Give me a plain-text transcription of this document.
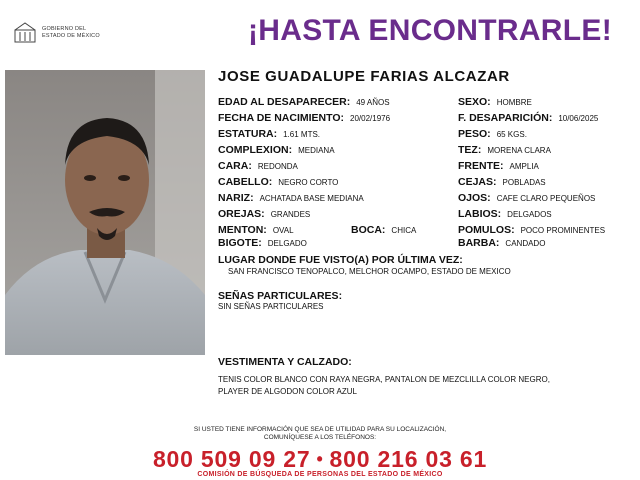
GOBIERNO DEL
ESTADO DE MÉXICO	¡HASTA ENCONTRARLE!
JOSE GUADALUPE FARIAS ALCAZAR
EDAD AL DESAPARECER: 49 AÑOS
FECHA DE NACIMIENTO: 20/02/1976
ESTATURA: 1.61 MTS.
COMPLEXION: MEDIANA
CARA: REDONDA
CABELLO: NEGRO CORTO
NARIZ: ACHATADA BASE MEDIANA
OREJAS: GRANDES
MENTON: OVAL	BOCA: CHICA
BIGOTE: DELGADO
SEXO: HOMBRE
F. DESAPARICIÓN: 10/06/2025
PESO: 65 KGS.
TEZ: MORENA CLARA
FRENTE: AMPLIA
CEJAS: POBLADAS
OJOS: CAFE CLARO PEQUEÑOS
LABIOS: DELGADOS
POMULOS: POCO PROMINENTES
BARBA: CANDADO
LUGAR DONDE FUE VISTO(A) POR ÚLTIMA VEZ:
SAN FRANCISCO TENOPALCO, MELCHOR OCAMPO, ESTADO DE MEXICO
SEÑAS PARTICULARES:
SIN SEÑAS PARTICULARES
VESTIMENTA Y CALZADO:
TENIS COLOR BLANCO CON RAYA NEGRA, PANTALON DE MEZCLILLA COLOR NEGRO,
PLAYER DE ALGODON COLOR AZUL
SI USTED TIENE INFORMACIÓN QUE SEA DE UTILIDAD PARA SU LOCALIZACIÓN,
COMUNÍQUESE A LOS TELÉFONOS:
800 509 09 27 • 800 216 03 61
COMISIÓN DE BÚSQUEDA DE PERSONAS DEL ESTADO DE MÉXICO
